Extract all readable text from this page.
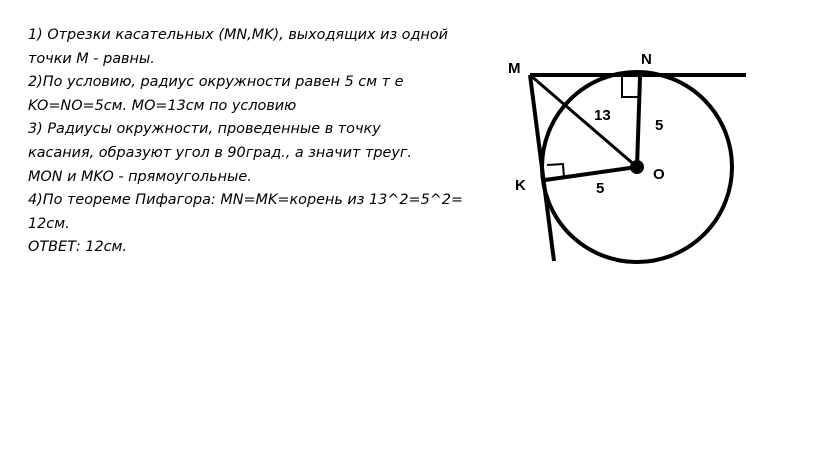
1) Отрезки касательных (MN,MK), выходящих из одной
точки M - равны.
2)По условию, радиус окружности равен 5 см т е
KO=NO=5см. MO=13см по условию
3) Радиусы окружности, проведенные в точку
касания, образуют угол в 90град., а значит треуг.
MON и MKO - прямоугольные.
4)По теореме Пифагора: MN=MK=корень из 13^2=5^2=
12см.
ОТВЕТ: 12см.
M
N
K
O
13
5
5
